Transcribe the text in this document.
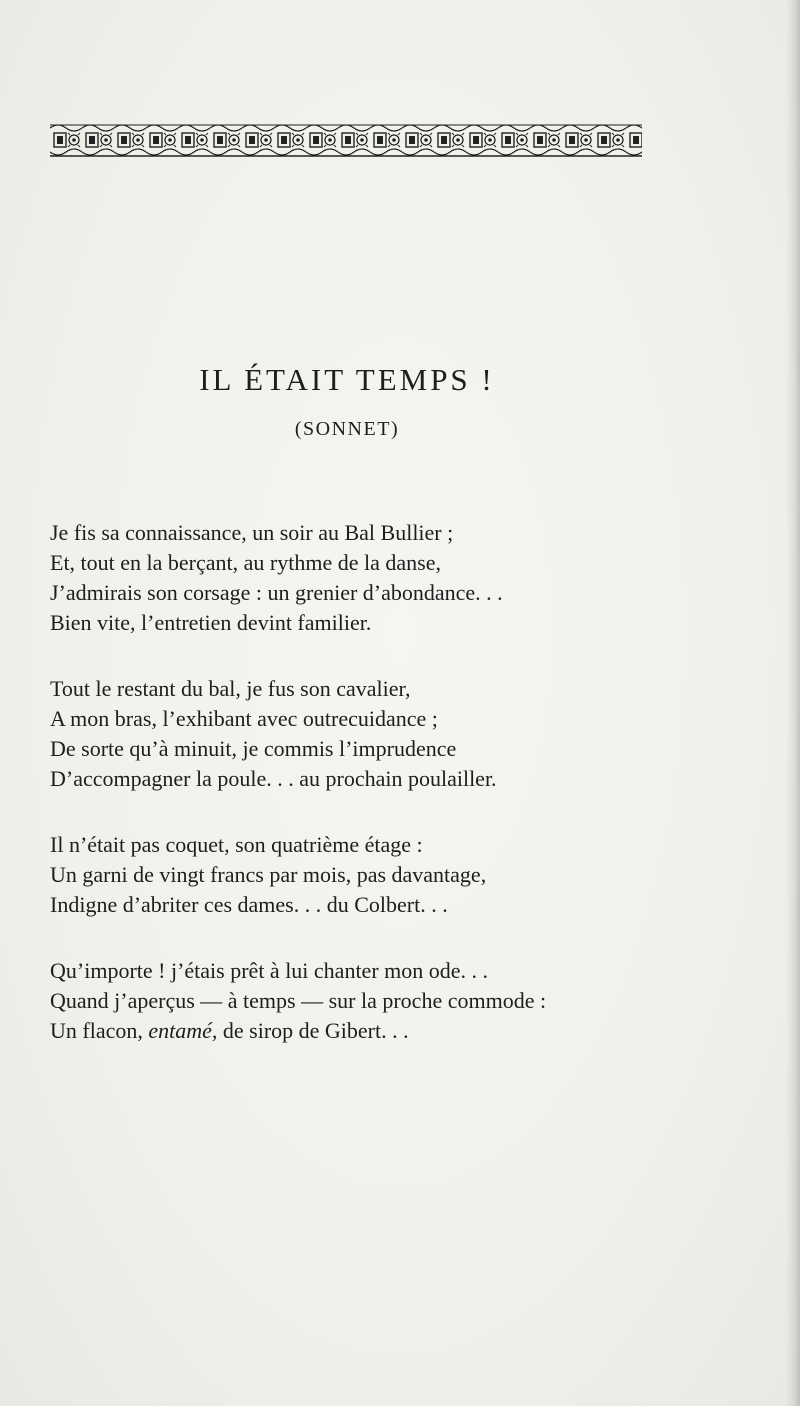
IL ÉTAIT TEMPS !
(SONNET)
Je fis sa connaissance, un soir au Bal Bullier ;
Et, tout en la berçant, au rythme de la danse,
J’admirais son corsage : un grenier d’abondance. . .
Bien vite, l’entretien devint familier.
Tout le restant du bal, je fus son cavalier,
A mon bras, l’exhibant avec outrecuidance ;
De sorte qu’à minuit, je commis l’imprudence
D’accompagner la poule. . . au prochain poulailler.
Il n’était pas coquet, son quatrième étage :
Un garni de vingt francs par mois, pas davantage,
Indigne d’abriter ces dames. . . du Colbert. . .
Qu’importe ! j’étais prêt à lui chanter mon ode. . .
Quand j’aperçus — à temps — sur la proche commode :
Un flacon, entamé, de sirop de Gibert. . .
